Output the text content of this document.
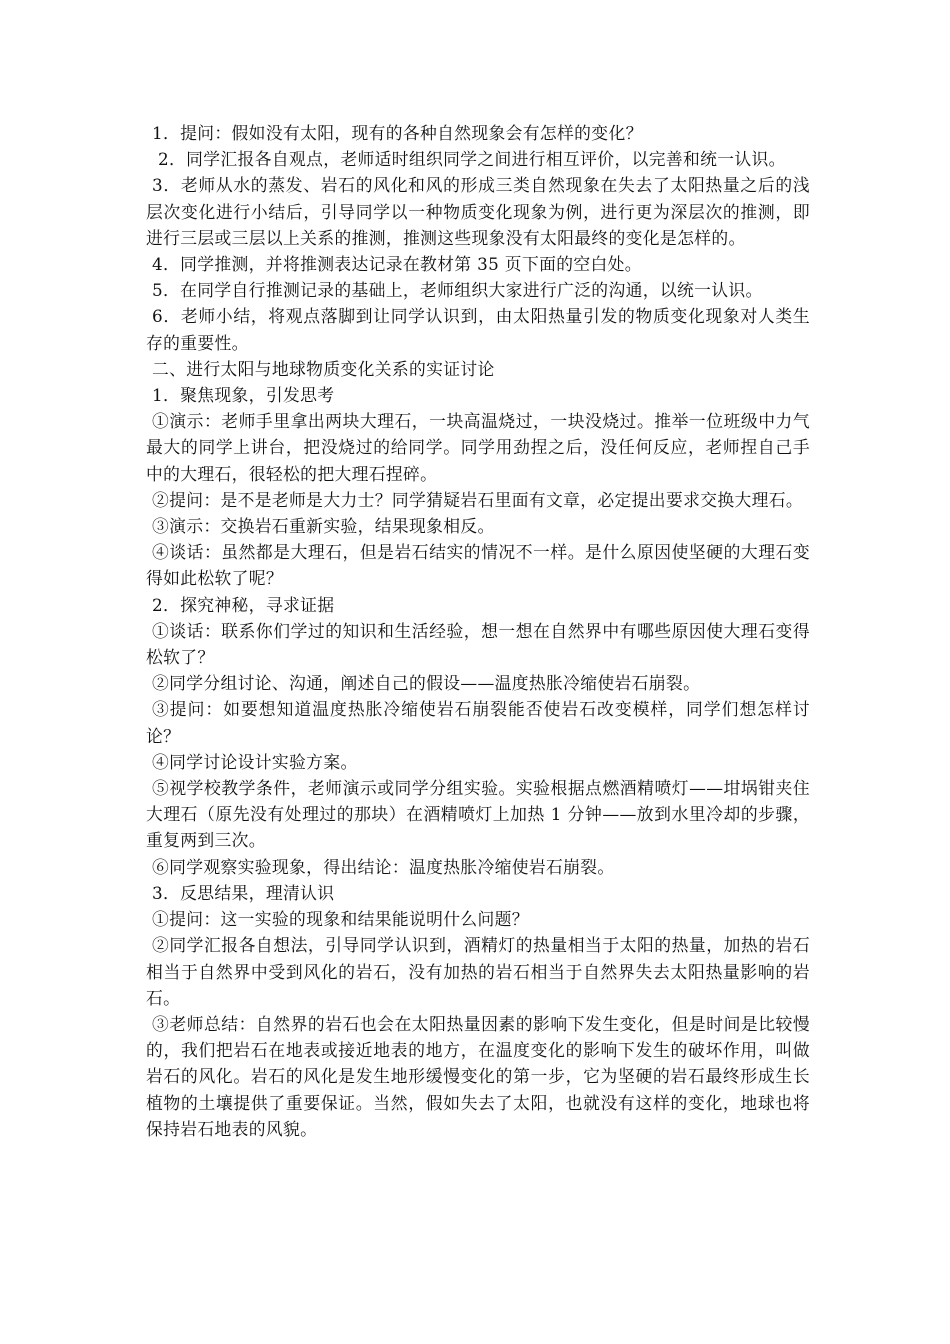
1．提问：假如没有太阳，现有的各种自然现象会有怎样的变化？

2．同学汇报各自观点，老师适时组织同学之间进行相互评价，以完善和统一认识。

3．老师从水的蒸发、岩石的风化和风的形成三类自然现象在失去了太阳热量之后的浅层次变化进行小结后，引导同学以一种物质变化现象为例，进行更为深层次的推测，即进行三层或三层以上关系的推测，推测这些现象没有太阳最终的变化是怎样的。

4．同学推测，并将推测表达记录在教材第 35 页下面的空白处。

5．在同学自行推测记录的基础上，老师组织大家进行广泛的沟通，以统一认识。

6．老师小结，将观点落脚到让同学认识到，由太阳热量引发的物质变化现象对人类生存的重要性。

二、进行太阳与地球物质变化关系的实证讨论

1．聚焦现象，引发思考

①演示：老师手里拿出两块大理石，一块高温烧过，一块没烧过。推举一位班级中力气最大的同学上讲台，把没烧过的给同学。同学用劲捏之后，没任何反应，老师捏自己手中的大理石，很轻松的把大理石捏碎。

②提问：是不是老师是大力士？同学猜疑岩石里面有文章，必定提出要求交换大理石。

③演示：交换岩石重新实验，结果现象相反。

④谈话：虽然都是大理石，但是岩石结实的情况不一样。是什么原因使坚硬的大理石变得如此松软了呢？

2．探究神秘，寻求证据

①谈话：联系你们学过的知识和生活经验，想一想在自然界中有哪些原因使大理石变得松软了？

②同学分组讨论、沟通，阐述自己的假设——温度热胀冷缩使岩石崩裂。

③提问：如要想知道温度热胀冷缩使岩石崩裂能否使岩石改变模样，同学们想怎样讨论？

④同学讨论设计实验方案。

⑤视学校教学条件，老师演示或同学分组实验。实验根据点燃酒精喷灯——坩埚钳夹住大理石（原先没有处理过的那块）在酒精喷灯上加热 1 分钟——放到水里冷却的步骤，重复两到三次。

⑥同学观察实验现象，得出结论：温度热胀冷缩使岩石崩裂。

3．反思结果，理清认识

①提问：这一实验的现象和结果能说明什么问题？

②同学汇报各自想法，引导同学认识到，酒精灯的热量相当于太阳的热量，加热的岩石相当于自然界中受到风化的岩石，没有加热的岩石相当于自然界失去太阳热量影响的岩石。

③老师总结：自然界的岩石也会在太阳热量因素的影响下发生变化，但是时间是比较慢的，我们把岩石在地表或接近地表的地方，在温度变化的影响下发生的破坏作用，叫做岩石的风化。岩石的风化是发生地形缓慢变化的第一步，它为坚硬的岩石最终形成生长植物的土壤提供了重要保证。当然，假如失去了太阳，也就没有这样的变化，地球也将保持岩石地表的风貌。
